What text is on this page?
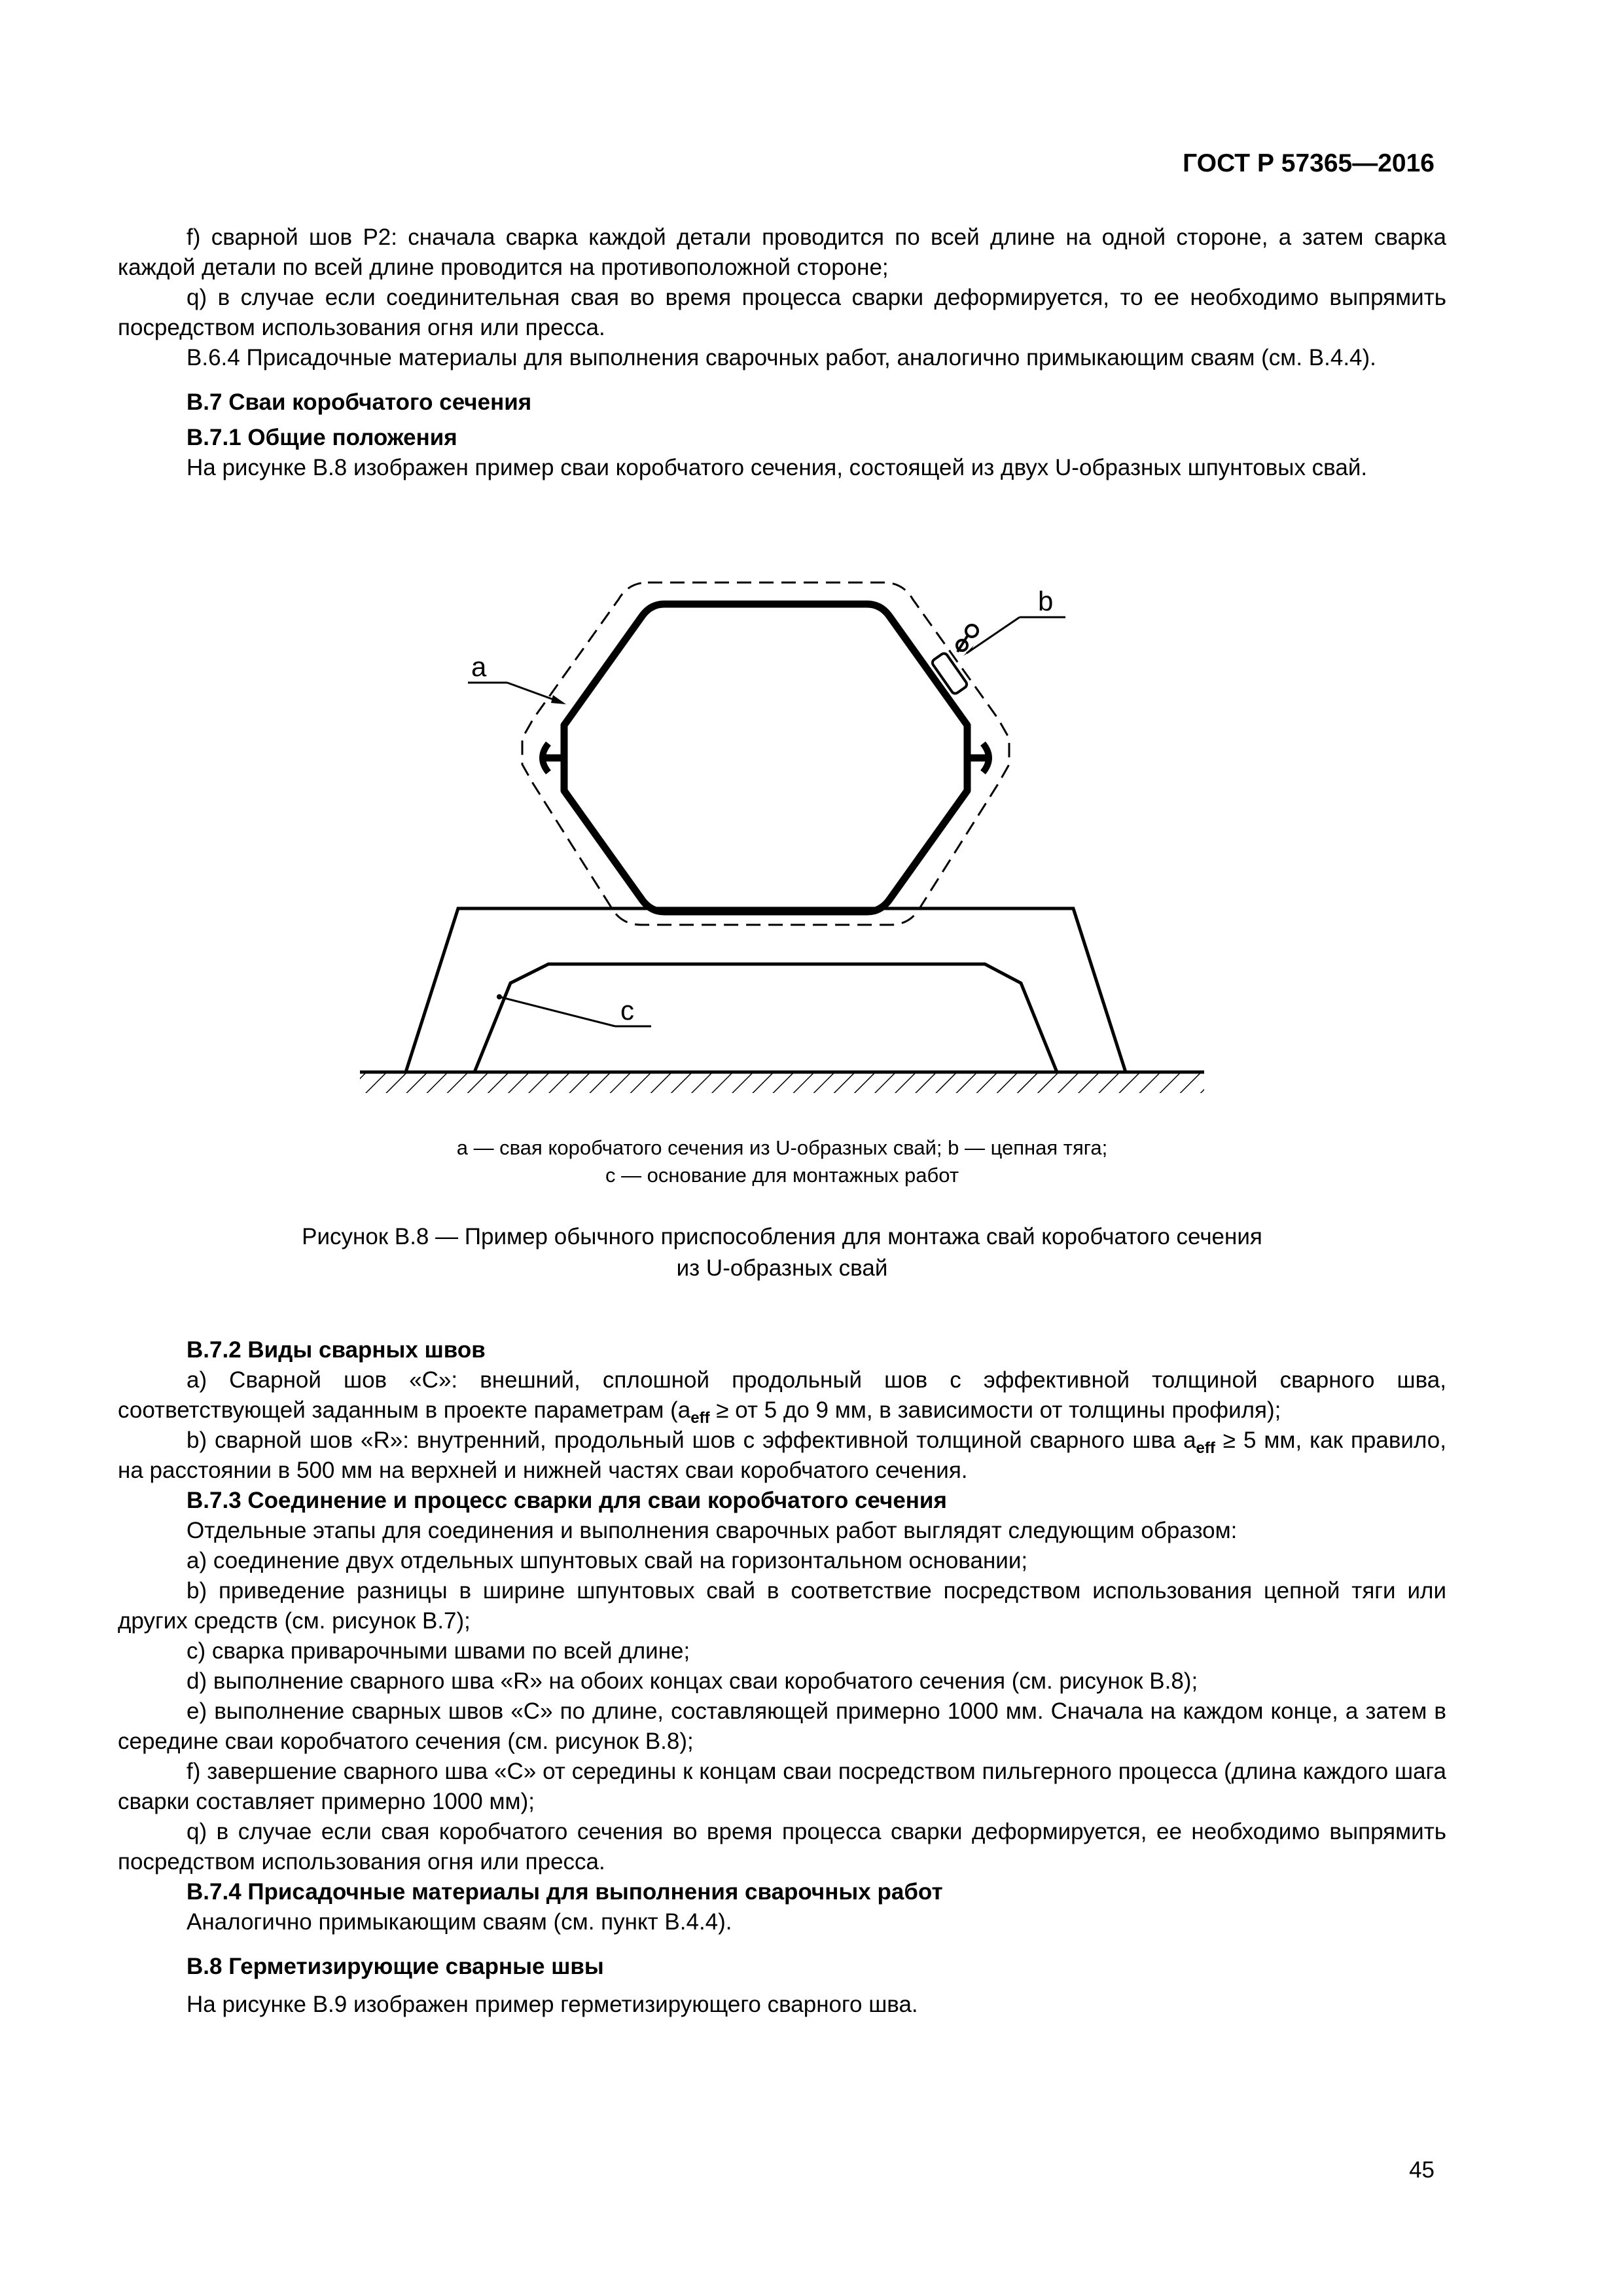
ГОСТ Р 57365—2016

f) сварной шов Р2: сначала сварка каждой детали проводится по всей длине на одной стороне, а затем сварка каждой детали по всей длине проводится на противоположной стороне;

q) в случае если соединительная свая во время процесса сварки деформируется, то ее необходимо выпрямить посредством использования огня или пресса.

В.6.4 Присадочные материалы для выполнения сварочных работ, аналогично примыкающим сваям (см. В.4.4).

В.7 Сваи коробчатого сечения

В.7.1 Общие положения

На рисунке В.8 изображен пример сваи коробчатого сечения, состоящей из двух U-образных шпунтовых свай.

b
a
c
a — свая коробчатого сечения из U-образных свай; b — цепная тяга;
c — основание для монтажных работ
Рисунок В.8 — Пример обычного приспособления для монтажа свай коробчатого сечения
из U-образных свай

В.7.2 Виды сварных швов

a) Сварной шов «С»: внешний, сплошной продольный шов с эффективной толщиной сварного шва, соответствующей заданным в проекте параметрам ($a_{eff}$ ≥ от 5 до 9 мм, в зависимости от толщины профиля);

b) сварной шов «R»: внутренний, продольный шов с эффективной толщиной сварного шва $a_{eff} \ge 5$ мм, как правило, на расстоянии в 500 мм на верхней и нижней частях сваи коробчатого сечения.

В.7.3 Соединение и процесс сварки для сваи коробчатого сечения

Отдельные этапы для соединения и выполнения сварочных работ выглядят следующим образом:

a) соединение двух отдельных шпунтовых свай на горизонтальном основании;

b) приведение разницы в ширине шпунтовых свай в соответствие посредством использования цепной тяги или других средств (см. рисунок В.7);

c) сварка приварочными швами по всей длине;

d) выполнение сварного шва «R» на обоих концах сваи коробчатого сечения (см. рисунок В.8);

e) выполнение сварных швов «С» по длине, составляющей примерно 1000 мм. Сначала на каждом конце, а затем в середине сваи коробчатого сечения (см. рисунок В.8);

f) завершение сварного шва «С» от середины к концам сваи посредством пильгерного процесса (длина каждого шага сварки составляет примерно 1000 мм);

q) в случае если свая коробчатого сечения во время процесса сварки деформируется, ее необходимо выпрямить посредством использования огня или пресса.

В.7.4 Присадочные материалы для выполнения сварочных работ

Аналогично примыкающим сваям (см. пункт В.4.4).

В.8 Герметизирующие сварные швы

На рисунке В.9 изображен пример герметизирующего сварного шва.

45
